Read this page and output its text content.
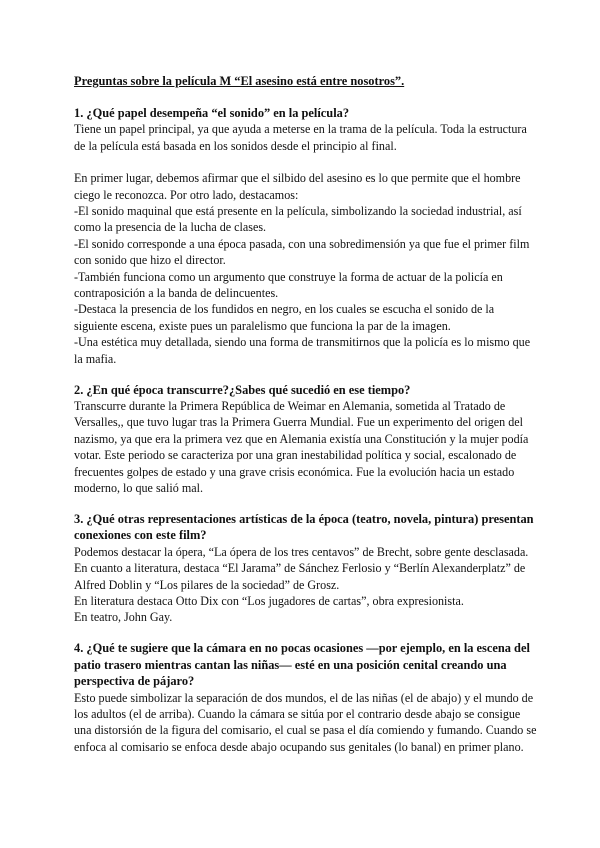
Preguntas sobre la película M “El asesino está entre nosotros”.

1. ¿Qué papel desempeña “el sonido” en la película?

Tiene un papel principal, ya que ayuda a meterse en la trama de la película. Toda la estructura de la película está basada en los sonidos desde el principio al final.

En primer lugar, debemos afirmar que el silbido del asesino es lo que permite que el hombre ciego le reconozca. Por otro lado, destacamos:

-El sonido maquinal que está presente en la película, simbolizando la sociedad industrial, así como la presencia de la lucha de clases.

-El sonido corresponde a una época pasada, con una sobredimensión ya que fue el primer film con sonido que hizo el director.

-También funciona como un argumento que construye la forma de actuar de la policía en contraposición a la banda de delincuentes.

-Destaca la presencia de los fundidos en negro, en los cuales se escucha el sonido de la siguiente escena, existe pues un paralelismo que funciona la par de la imagen.

-Una estética muy detallada, siendo una forma de transmitirnos que la policía es lo mismo que la mafia.

2. ¿En qué época transcurre?¿Sabes qué sucedió en ese tiempo?

Transcurre durante la Primera República de Weimar en Alemania, sometida al Tratado de Versalles,, que tuvo lugar tras la Primera Guerra Mundial. Fue un experimento del origen del nazismo, ya que era la primera vez que en Alemania existía una Constitución y la mujer podía votar. Este periodo se caracteriza por una gran inestabilidad política y social, escalonado de frecuentes golpes de estado y una grave crisis económica. Fue la evolución hacia un estado moderno, lo que salió mal.

3. ¿Qué otras representaciones artísticas de la época (teatro, novela, pintura) presentan conexiones con este film?

Podemos destacar la ópera, “La ópera de los tres centavos” de Brecht, sobre gente desclasada.

En cuanto a literatura, destaca “El Jarama” de Sánchez Ferlosio y “Berlín Alexanderplatz” de Alfred Doblin y “Los pilares de la sociedad” de Grosz.

En literatura destaca Otto Dix con “Los jugadores de cartas”, obra expresionista.

En teatro, John Gay.

4. ¿Qué te sugiere que la cámara en no pocas ocasiones —por ejemplo, en la escena del patio trasero mientras cantan las niñas— esté en una posición cenital creando una perspectiva de pájaro?

Esto puede simbolizar la separación de dos mundos, el de las niñas (el de abajo) y el mundo de los adultos (el de arriba). Cuando la cámara se sitúa por el contrario desde abajo se consigue una distorsión de la figura del comisario, el cual se pasa el día comiendo y fumando. Cuando se enfoca al comisario se enfoca desde abajo ocupando sus genitales (lo banal) en primer plano.
